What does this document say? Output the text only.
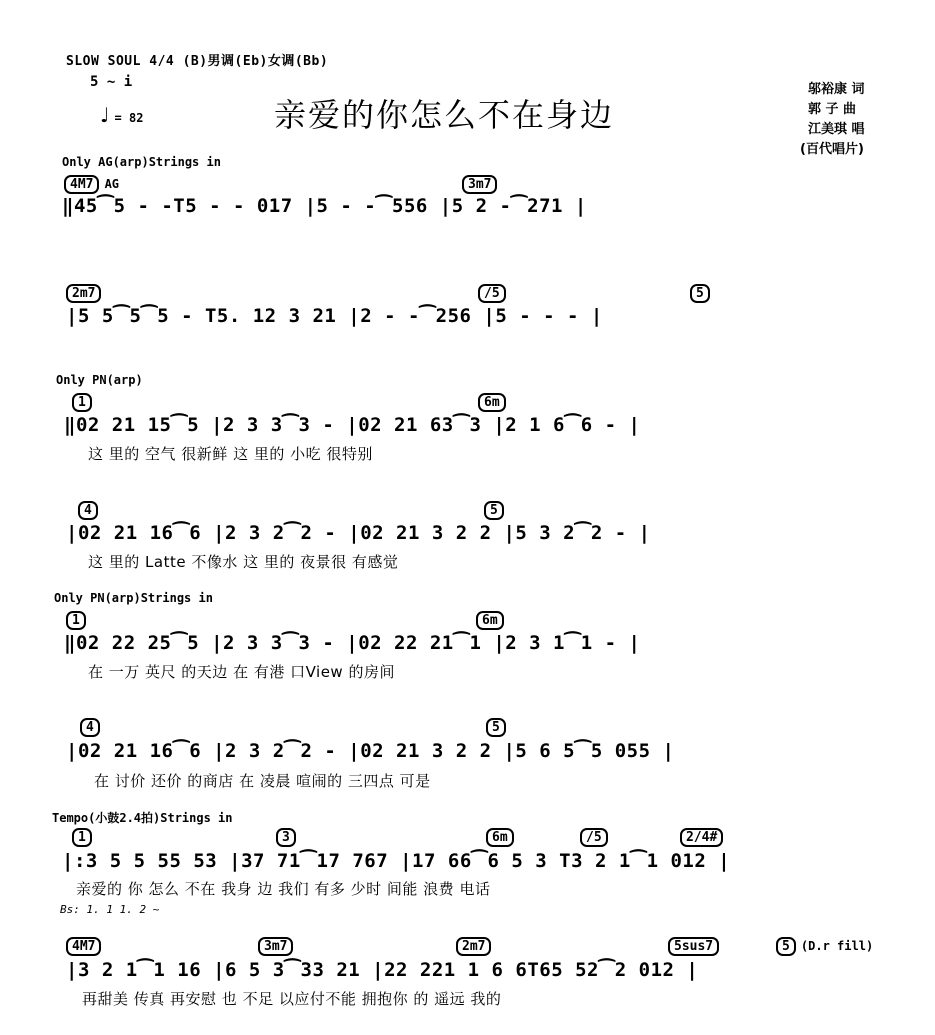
SLOW SOUL 4/4 (B)男调(Eb)女调(Bb)
5 ~ i
♩ = 82	亲爱的你怎么不在身边
邬裕康 词
郭 子 曲
江美琪 唱
(百代唱片)
Only AG(arp)Strings in
4M7 AG	3m7
‖45⁀5 - -T5 - - 017 |5 - -⁀556 |5 2 -⁀271 |
2m7	/5	5
|5 5⁀5⁀5 - T5. 12 3 21 |2 - -⁀256 |5 - - - |
Only PN(arp)
1	6m
‖02 21 15⁀5 |2 3 3⁀3 - |02 21 63⁀3 |2 1 6⁀6 - |
这 里的 空气 很新鲜 这 里的 小吃 很特别
4	5
|02 21 16⁀6 |2 3 2⁀2 - |02 21 3 2 2 |5 3 2⁀2 - |
这 里的 Latte 不像水 这 里的 夜景很 有感觉
Only PN(arp)Strings in
1	6m
‖02 22 25⁀5 |2 3 3⁀3 - |02 22 21⁀1 |2 3 1⁀1 - |
在 一万 英尺 的天边 在 有港 口View 的房间
4	5
|02 21 16⁀6 |2 3 2⁀2 - |02 21 3 2 2 |5 6 5⁀5 055 |
在 讨价 还价 的商店 在 凌晨 喧闹的 三四点 可是
Tempo(小鼓2.4拍)Strings in
1	3	6m	/5	2/4#
|:3 5 5 55 53 |37 71⁀17 767 |17 66⁀6 5 3 T3 2 1⁀1 012 |
亲爱的 你 怎么 不在 我身 边 我们 有多 少时 间能 浪费 电话
Bs: 1. 1 1. 2 ~
4M7	3m7	2m7	5sus7	5 (D.r fill)
|3 2 1⁀1 16 |6 5 3⁀33 21 |22 221 1 6 6T65 52⁀2 012 |
再甜美 传真 再安慰 也 不足 以应付不能 拥抱你 的 遥远 我的
